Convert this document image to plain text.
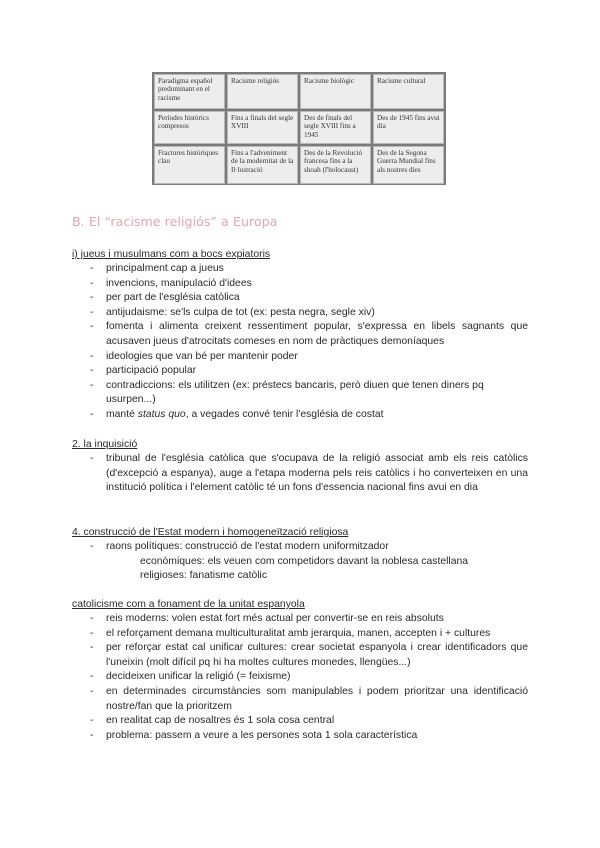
Paradigma español predominant en el racisme
Racisme religiós	Racisme biològic	Racisme cultural
Períodes històrics compresos
Fins a finals del segle XVIII
Des de finals del segle XVIII fins a 1945
Des de 1945 fins avui dia
Fractures històriques clau
Fins a l'adveniment de la modernitat de la Il·lustració
Des de la Revolució francesa fins a la shoah (l'holocaust)
Des de la Segona Guerra Mundial fins als nostres dies
B. El “racisme religiós” a Europa
i) jueus i musulmans com a bocs expiatoris
- principalment cap a jueus
- invencions, manipulació d'idees
- per part de l'església catòlica
- antijudaisme: se'ls culpa de tot (ex: pesta negra, segle xiv)
- fomenta i alimenta creixent ressentiment popular, s'expressa en libels sagnants que acusaven jueus d'atrocitats comeses en nom de pràctiques demoníaques
- ideologies que van bé per mantenir poder
- participació popular
- contradiccions: els utilitzen (ex: préstecs bancaris, però diuen que tenen diners pq usurpen...)
- manté status quo, a vegades convé tenir l'església de costat
2. la inquisició
- tribunal de l'església catòlica que s'ocupava de la religió associat amb els reis catòlics (d'excepció a espanya), auge a l'etapa moderna pels reis catòlics i ho converteixen en una institució política i l'element catòlic té un fons d'essencia nacional fins avui en dia
4. construcció de l'Estat modern i homogeneïtzació religiosa
- raons polítiques: construcció de l'estat modern uniformitzador
econòmiques: els veuen com competidors davant la noblesa castellana
religioses: fanatisme catòlic
catolicisme com a fonament de la unitat espanyola
- reis moderns: volen estat fort més actual per convertir-se en reis absoluts
- el reforçament demana multiculturalitat amb jerarquia, manen, accepten i + cultures
- per reforçar estat cal unificar cultures: crear societat espanyola i crear identificadors que l'uneixin (molt difícil pq hi ha moltes cultures monedes, llengües...)
- decideixen unificar la religió (= feixisme)
- en determinades circumstàncies som manipulables i podem prioritzar una identificació nostre/fan que la prioritzem
- en realitat cap de nosaltres és 1 sola cosa central
- problema: passem a veure a les persones sota 1 sola característica
